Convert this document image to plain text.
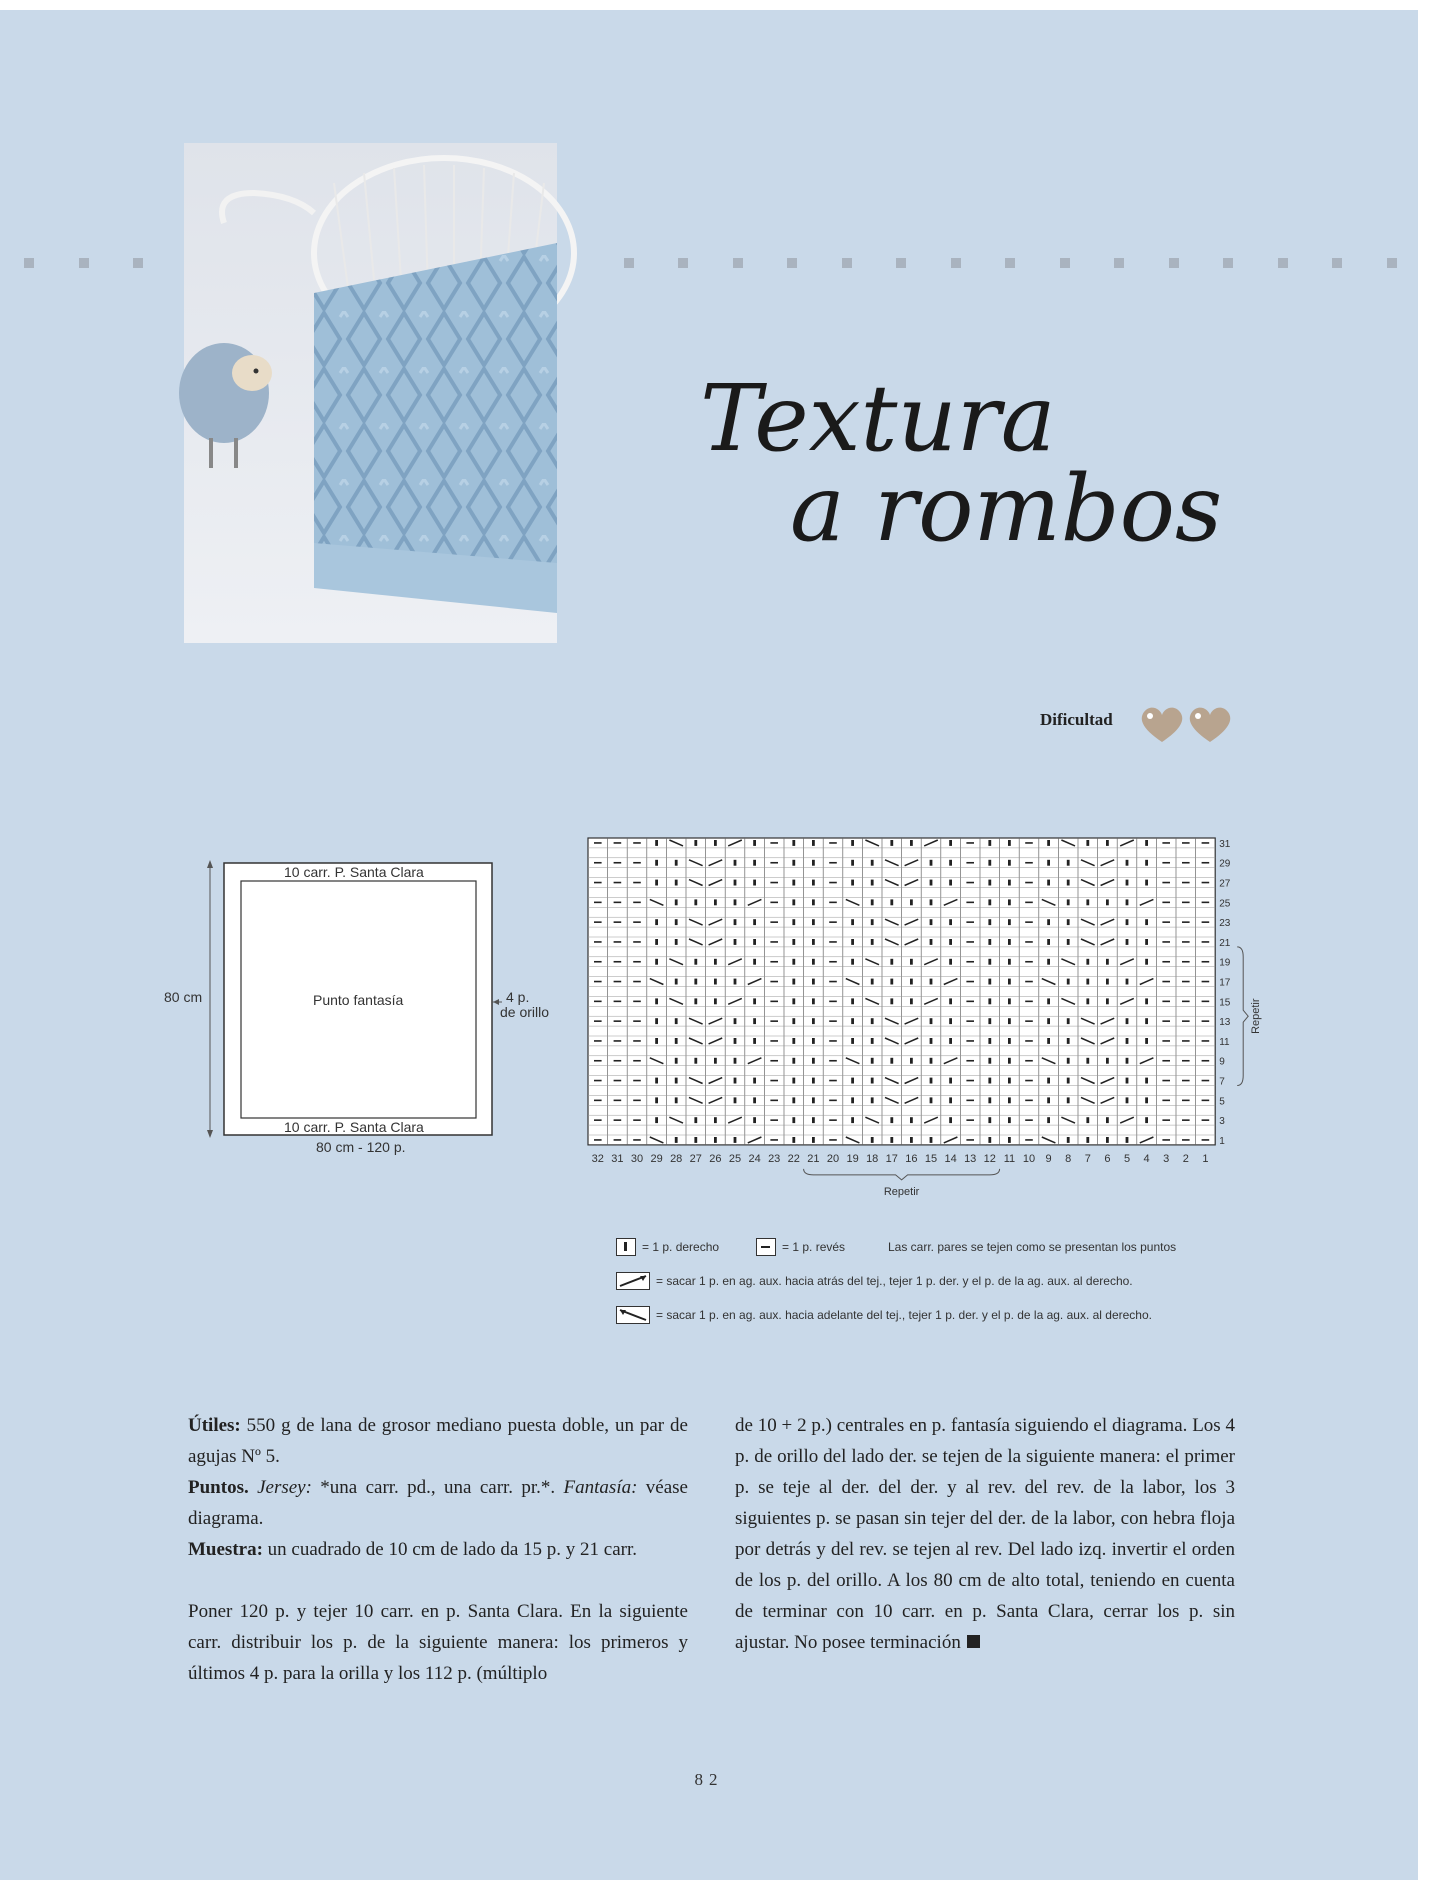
Textura
a rombos
Dificultad
10 carr. P. Santa Clara
10 carr. P. Santa Clara
Punto fantasía
80 cm
80 cm - 120 p.
4 p.
de orillo
31
29
27
25
23
21
19
17
15
13
11
9
7
5
3
1
32 31 30 29 28 27 26 25 24 23 22 21 20 19 18 17 16 15 14 13 12 11 10 9 8 7 6 5 4 3 2 1
Repetir
Repetir
= 1 p. derecho	= 1 p. revés	Las carr. pares se tejen como se presentan los puntos
= sacar 1 p. en ag. aux. hacia atrás del tej., tejer 1 p. der. y el p. de la ag. aux. al derecho.
= sacar 1 p. en ag. aux. hacia adelante del tej., tejer 1 p. der. y el p. de la ag. aux. al derecho.

Útiles: 550 g de lana de grosor mediano puesta doble, un par de agujas Nº 5.

Puntos. Jersey: *una carr. pd., una carr. pr.*. Fantasía: véase diagrama.

Muestra: un cuadrado de 10 cm de lado da 15 p. y 21 carr.

Poner 120 p. y tejer 10 carr. en p. Santa Clara. En la siguiente carr. distribuir los p. de la siguiente manera: los primeros y últimos 4 p. para la orilla y los 112 p. (múltiplo

de 10 + 2 p.) centrales en p. fantasía siguiendo el diagrama. Los 4 p. de orillo del lado der. se tejen de la siguiente manera: el primer p. se teje al der. del der. y al rev. del rev. de la labor, los 3 siguientes p. se pasan sin tejer del der. de la labor, con hebra floja por detrás y del rev. se tejen al rev. Del lado izq. invertir el orden de los p. del orillo. A los 80 cm de alto total, teniendo en cuenta de terminar con 10 carr. en p. Santa Clara, cerrar los p. sin ajustar. No posee terminación

82
